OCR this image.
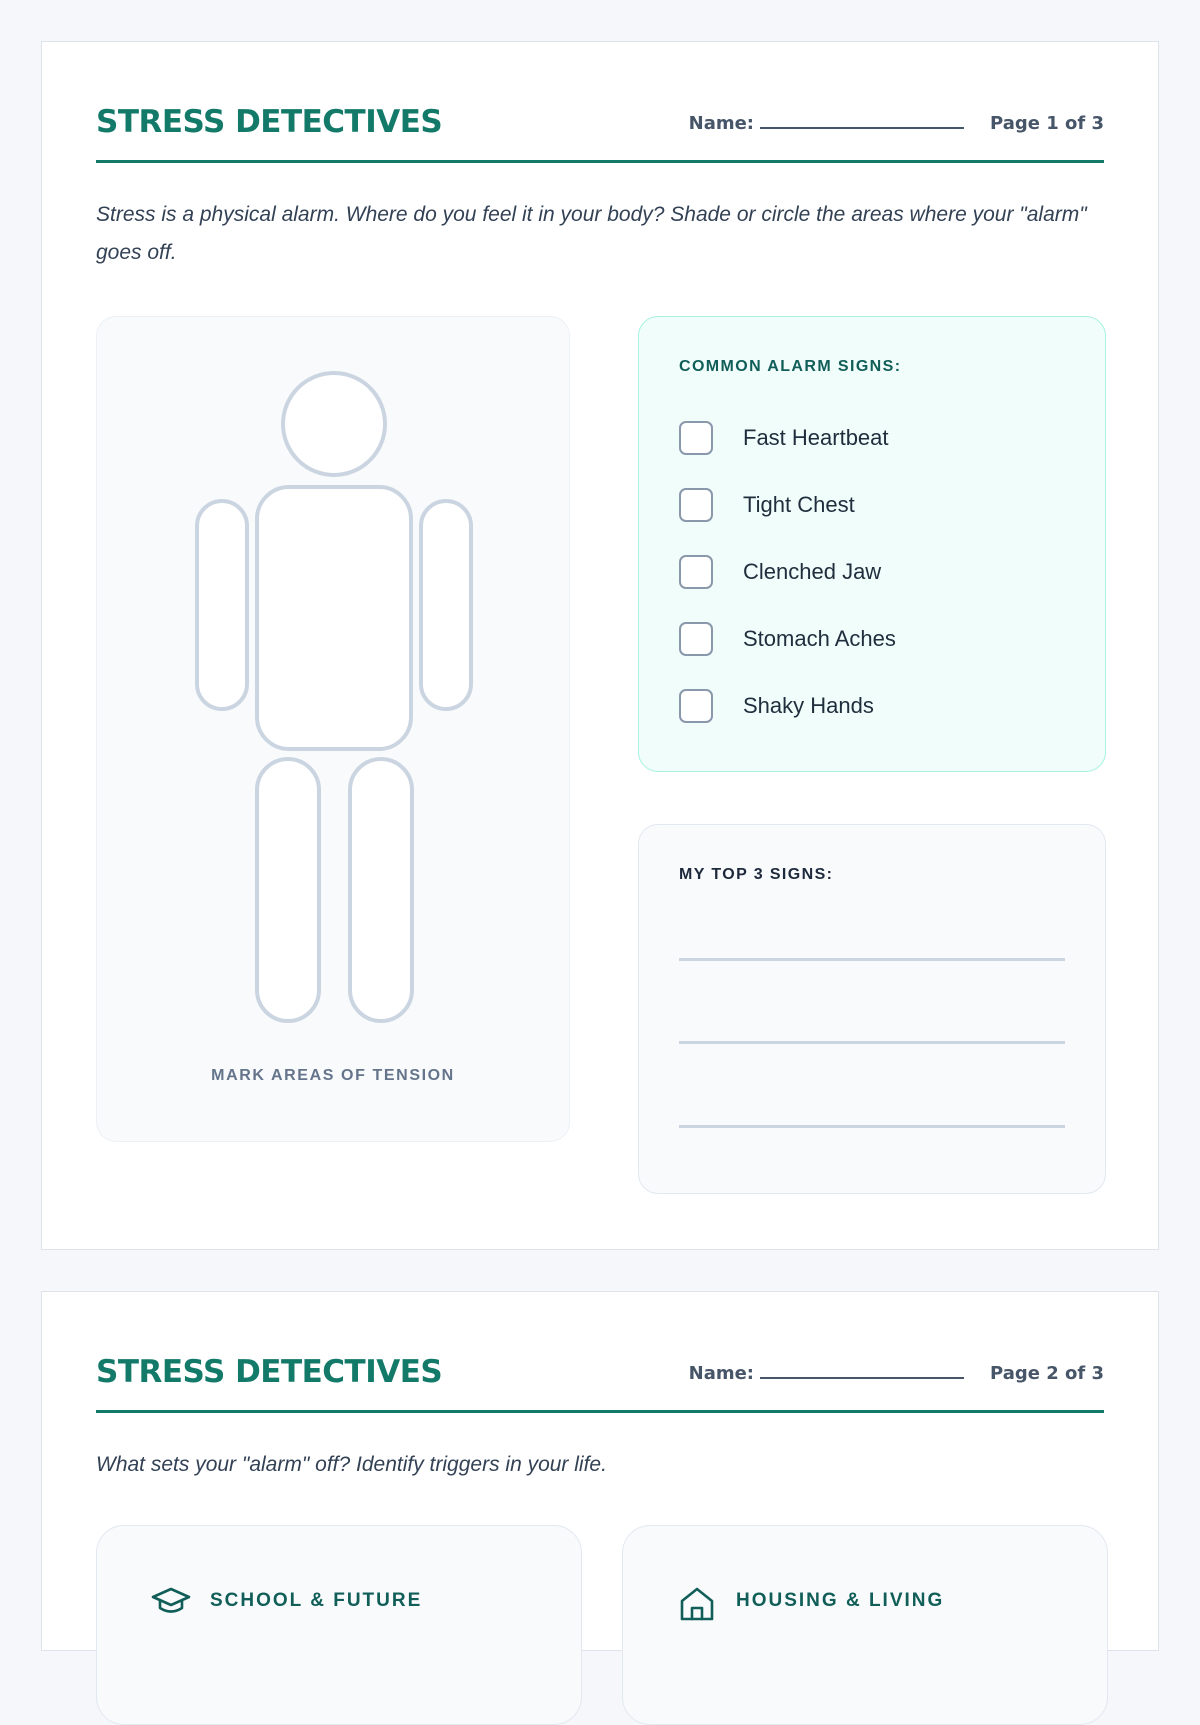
STRESS DETECTIVES	Name:	Page 1 of 3
Stress is a physical alarm. Where do you feel it in your body? Shade or circle the areas where your "alarm" goes off.
MARK AREAS OF TENSION
COMMON ALARM SIGNS:
Fast Heartbeat
Tight Chest
Clenched Jaw
Stomach Aches
Shaky Hands
MY TOP 3 SIGNS:
STRESS DETECTIVES	Name:	Page 2 of 3
What sets your "alarm" off? Identify triggers in your life.
SCHOOL & FUTURE	HOUSING & LIVING
